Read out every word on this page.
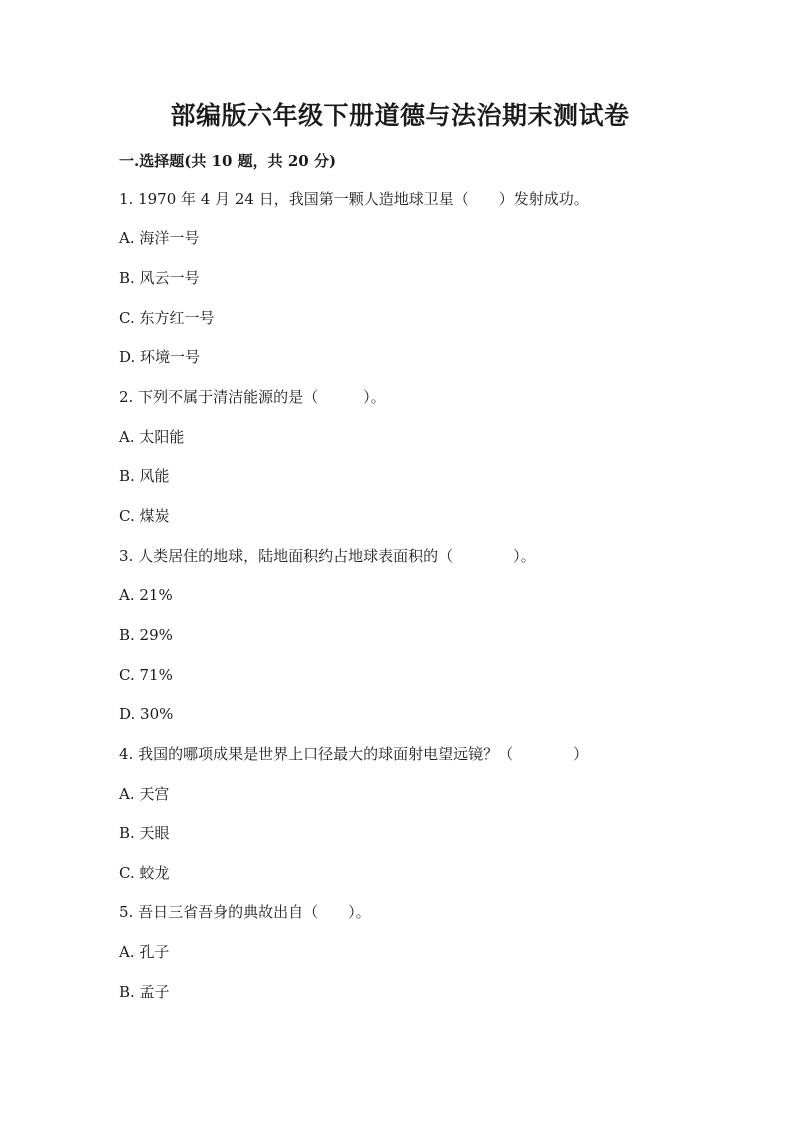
部编版六年级下册道德与法治期末测试卷
一.选择题(共 10 题，共 20 分)
1. 1970 年 4 月 24 日，我国第一颗人造地球卫星（　　）发射成功。
A. 海洋一号
B. 风云一号
C. 东方红一号
D. 环境一号
2. 下列不属于清洁能源的是（　　　）。
A. 太阳能
B. 风能
C. 煤炭
3. 人类居住的地球，陆地面积约占地球表面积的（　　　　）。
A. 21%
B. 29%
C. 71%
D. 30%
4. 我国的哪项成果是世界上口径最大的球面射电望远镜？（　　　　）
A. 天宫
B. 天眼
C. 蛟龙
5. 吾日三省吾身的典故出自（　　）。
A. 孔子
B. 孟子
